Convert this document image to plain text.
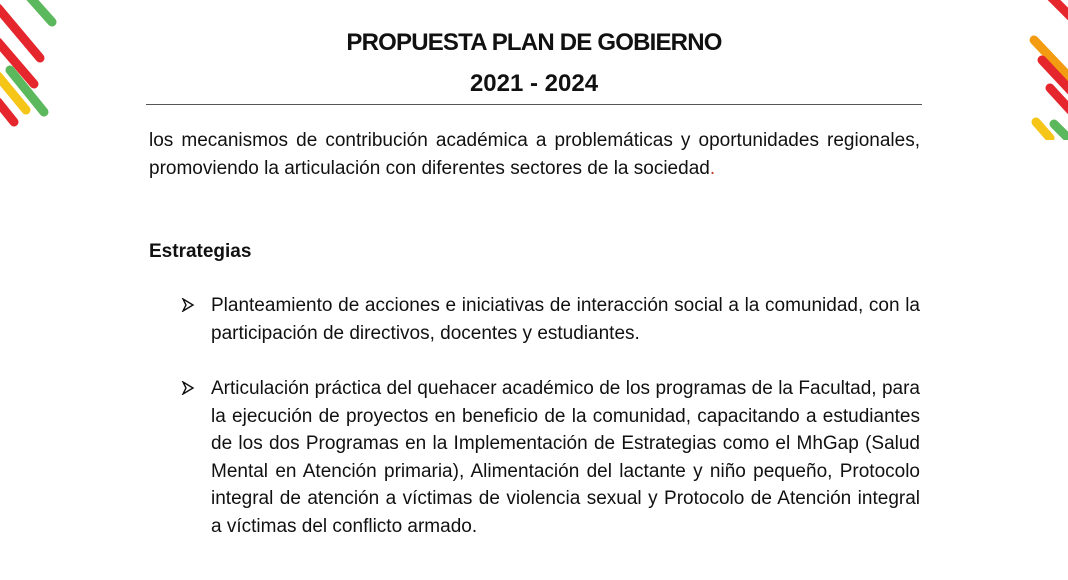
PROPUESTA PLAN DE GOBIERNO
2021 - 2024

los mecanismos de contribución académica a problemáticas y oportunidades regionales, promoviendo la articulación con diferentes sectores de la sociedad.

Estrategias
Planteamiento de acciones e iniciativas de interacción social a la comunidad, con la participación de directivos, docentes y estudiantes.
Articulación práctica del quehacer académico de los programas de la Facultad, para la ejecución de proyectos en beneficio de la comunidad, capacitando a estudiantes de los dos Programas en la Implementación de Estrategias como el MhGap (Salud Mental en Atención primaria), Alimentación del lactante y niño pequeño, Protocolo integral de atención a víctimas de violencia sexual y Protocolo de Atención integral a víctimas del conflicto armado.
